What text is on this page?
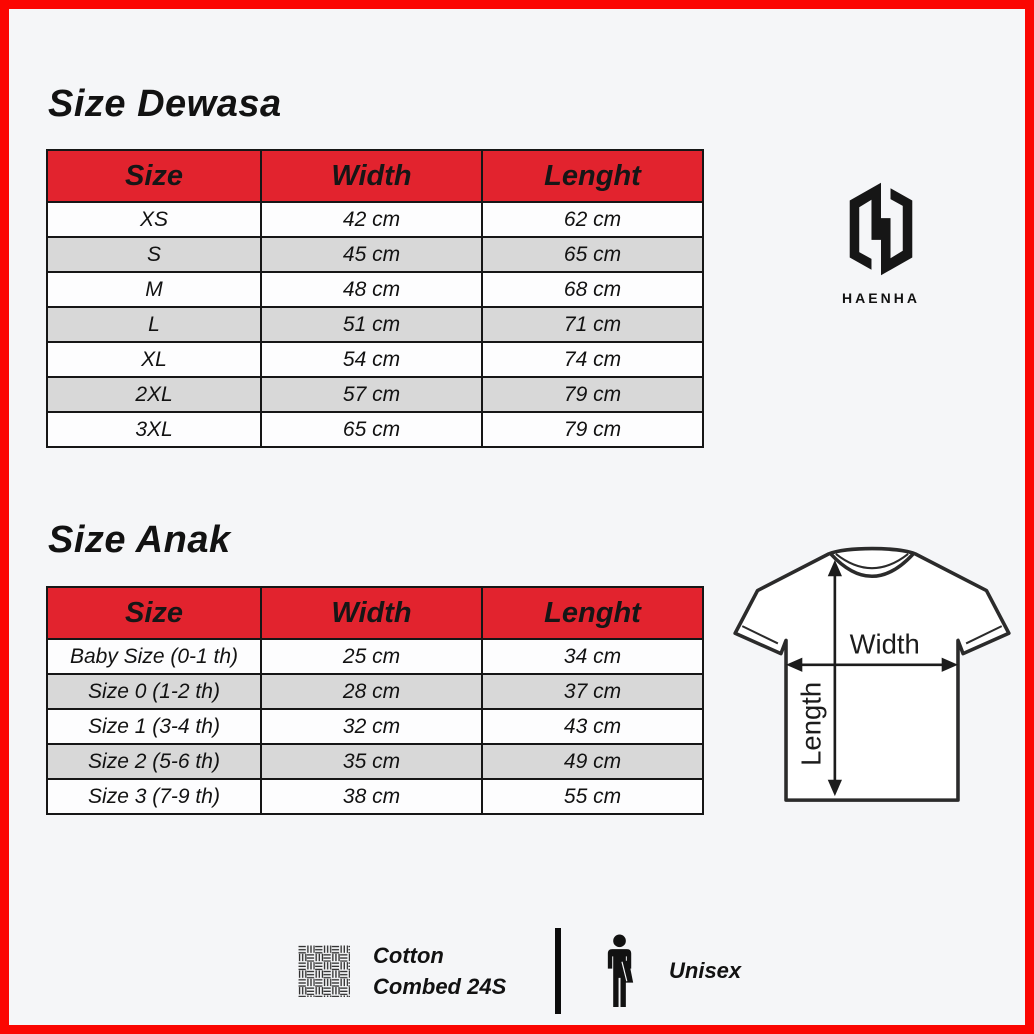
Size Dewasa
Size	Width	Lenght
XS	42 cm	62 cm
S	45 cm	65 cm
M	48 cm	68 cm
L	51 cm	71 cm
XL	54 cm	74 cm
2XL	57 cm	79 cm
3XL	65 cm	79 cm
HAENHA
Size Anak
Size	Width	Lenght
Baby Size (0-1 th)	25 cm	34 cm
Size 0 (1-2 th)	28 cm	37 cm
Size 1 (3-4 th)	32 cm	43 cm
Size 2 (5-6 th)	35 cm	49 cm
Size 3 (7-9 th)	38 cm	55 cm
Width
Length
Cotton
Combed 24S
Unisex
